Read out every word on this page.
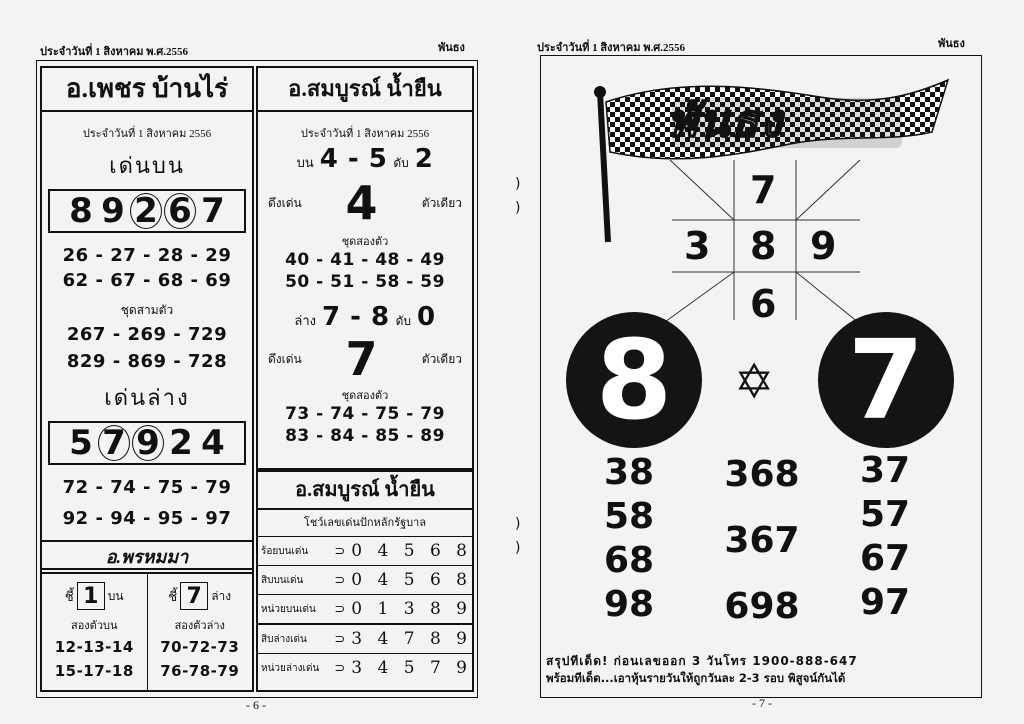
ประจำวันที่ 1 สิงหาคม พ.ศ.2556	พันธง
อ.เพชร บ้านไร่
ประจำวันที่ 1 สิงหาคม 2556
เด่นบน
8 9 2 6 7
26 - 27 - 28 - 29
62 - 67 - 68 - 69
ชุดสามตัว
267 - 269 - 729
829 - 869 - 728
เด่นล่าง
5 7 9 2 4
72 - 74 - 75 - 79
92 - 94 - 95 - 97
อ.พรหมมา
ชี้ 1 บน
สองตัวบน
12-13-14
15-17-18
ชี้ 7 ล่าง
สองตัวล่าง
70-72-73
76-78-79
อ.สมบูรณ์ น้ำยืน
ประจำวันที่ 1 สิงหาคม 2556
บน 4 - 5 ดับ 2
ดึงเด่น 4	ตัวเดียว
ชุดสองตัว
40 - 41 - 48 - 49
50 - 51 - 58 - 59
ล่าง 7 - 8 ดับ 0
ดึงเด่น 7	ตัวเดียว
ชุดสองตัว
73 - 74 - 75 - 79
83 - 84 - 85 - 89
อ.สมบูรณ์ น้ำยืน
โชว์เลขเด่นปักหลักรัฐบาล
ร้อยบนเด่น	⊃ 0 4 5 6 8
สิบบนเด่น	⊃ 0 4 5 6 8
หน่วยบนเด่น	⊃ 0 1 3 8 9
สิบล่างเด่น	⊃ 3 4 7 8 9
หน่วยล่างเด่น	⊃ 3 4 5 7 9
- 6 -
ประจำวันที่ 1 สิงหาคม พ.ศ.2556	พันธง
พันธง
7
3 8 9
6
8 7
✡
38
58
68
98
368
367
698
37
57
67
97
สรุปทีเด็ด! ก่อนเลขออก 3 วันโทร 1900-888-647
พร้อมทีเด็ด...เอาหุ้นรายวันให้ถูกวันละ 2-3 รอบ พิสูจน์กันได้
- 7 -
)
)
)
)
